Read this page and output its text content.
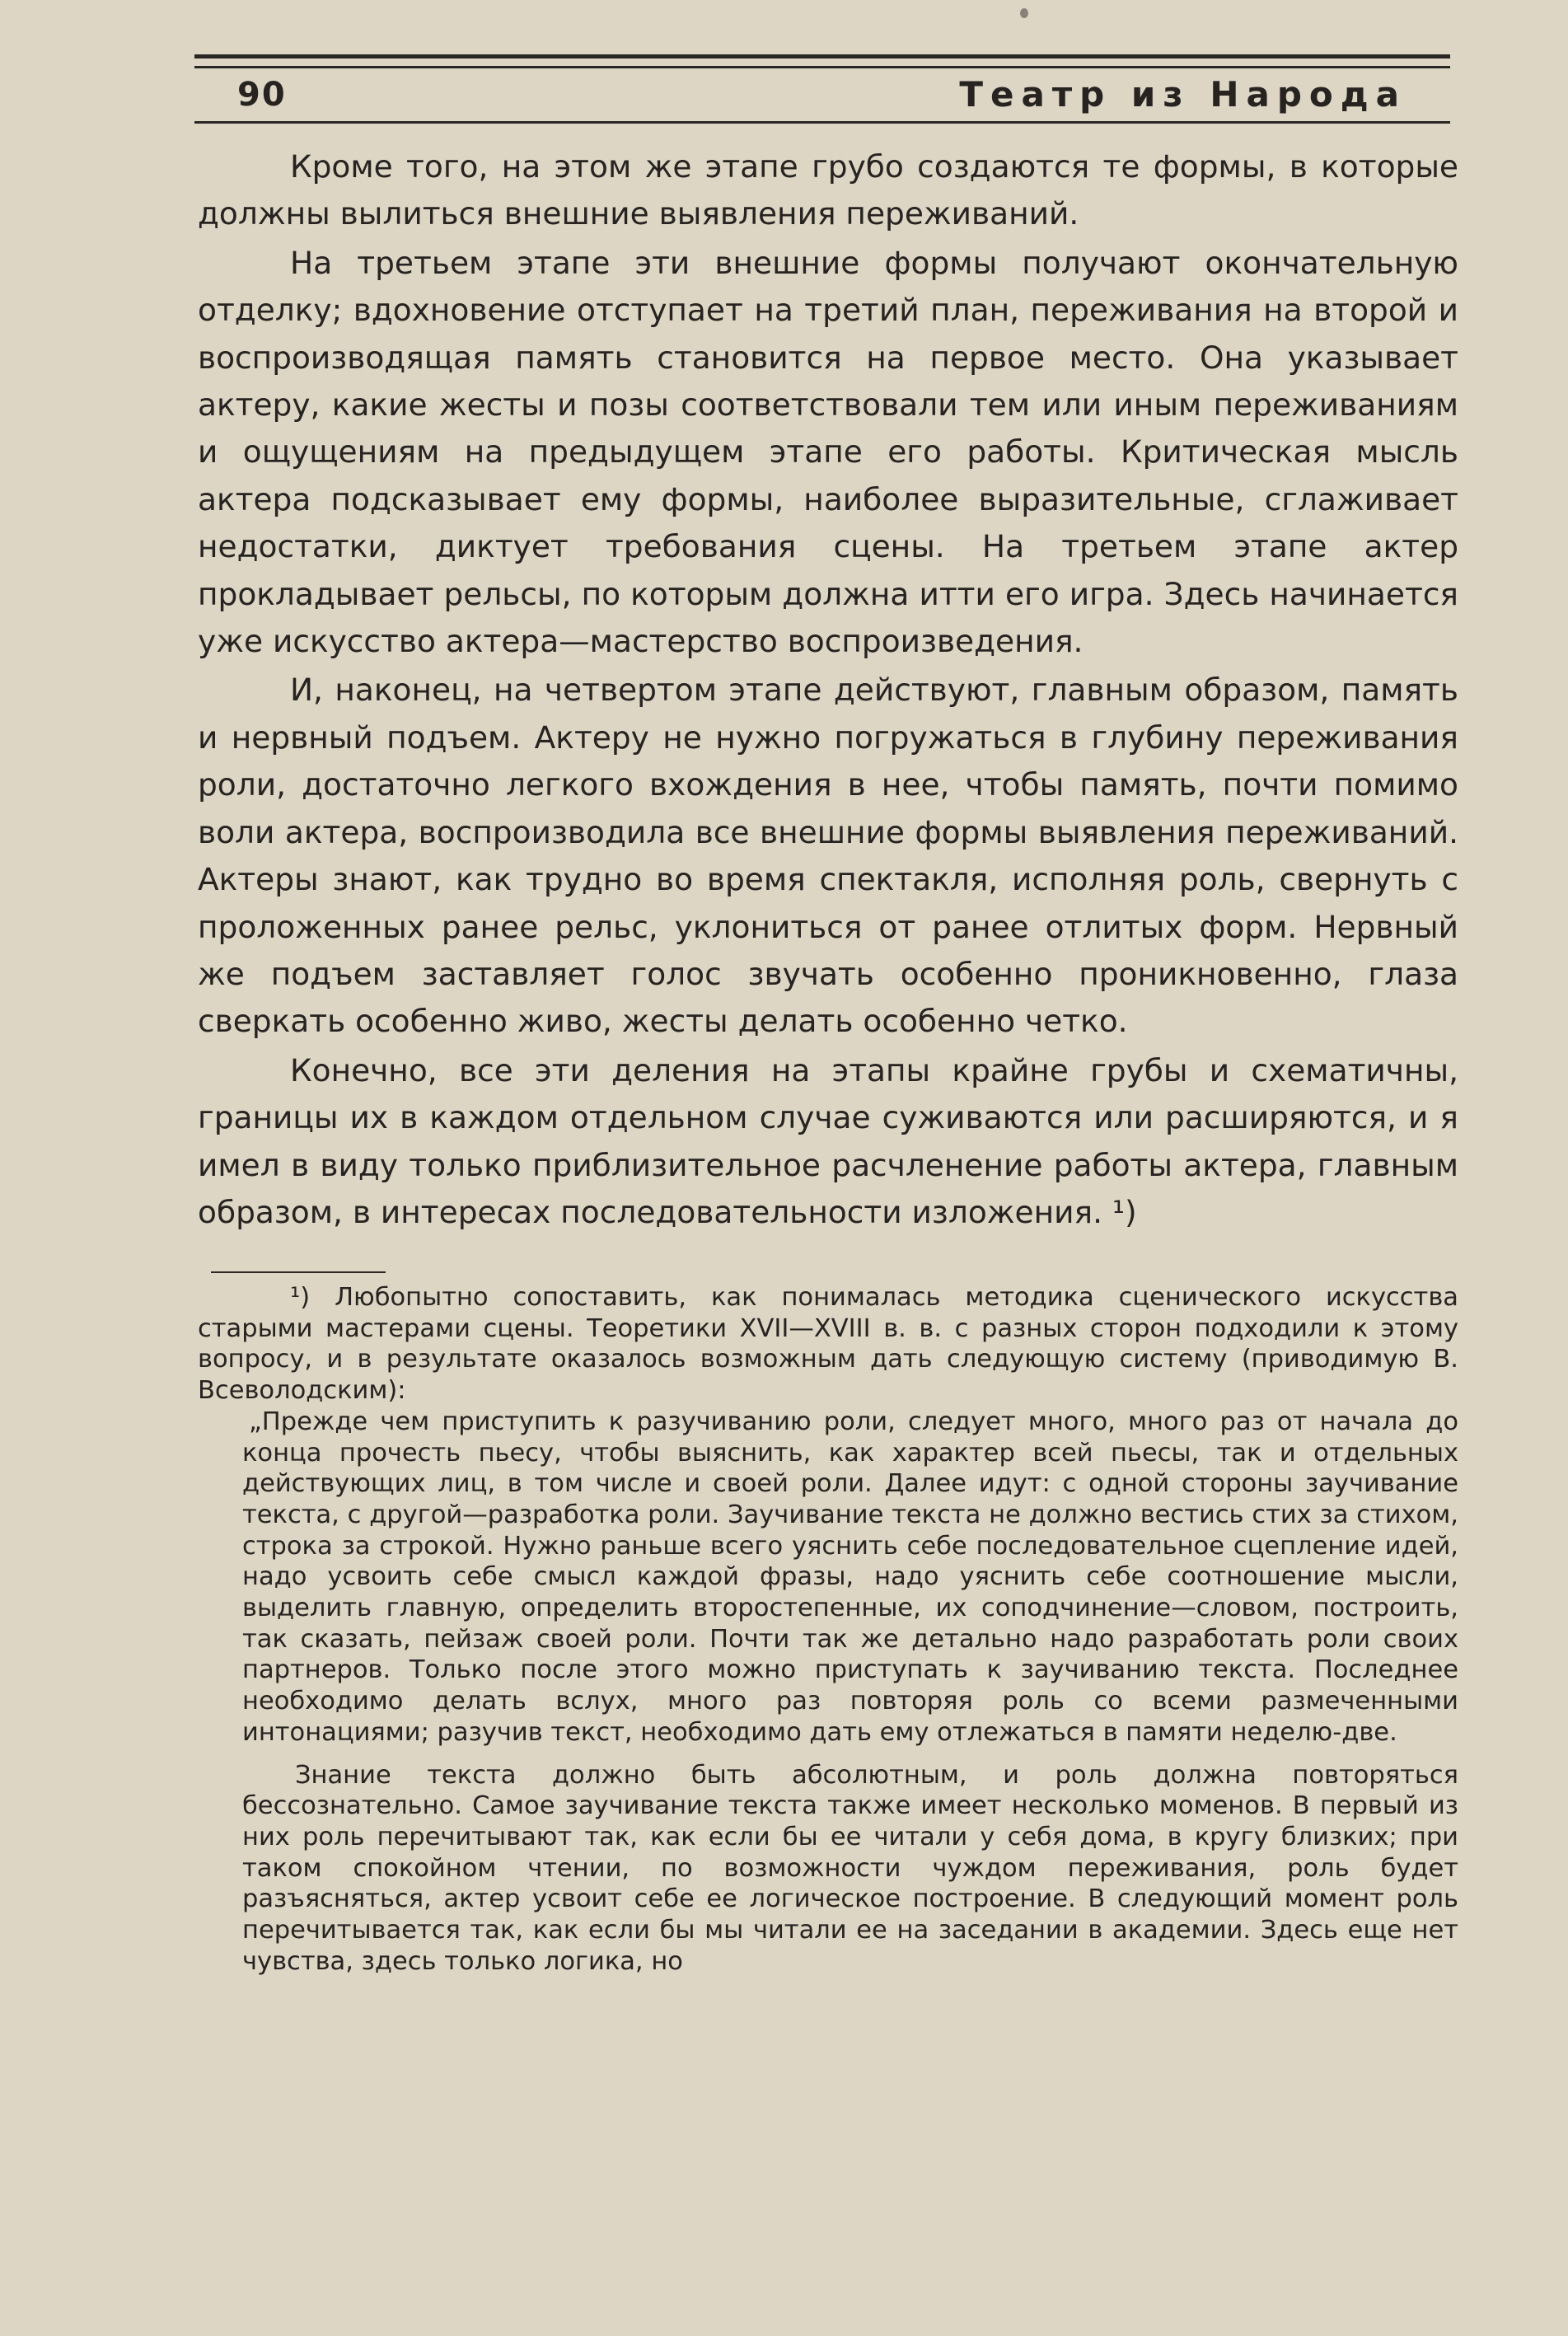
90	Театр из Народа

Кроме того, на этом же этапе грубо создаются те формы, в которые должны вылиться внешние выявления переживаний.

На третьем этапе эти внешние формы получают окончательную отделку; вдохновение отступает на третий план, переживания на второй и воспроизводящая память становится на первое место. Она указывает актеру, какие жесты и позы соответствовали тем или иным переживаниям и ощущениям на предыдущем этапе его работы. Критическая мысль актера подсказывает ему формы, наиболее выразительные, сглаживает недостатки, диктует требования сцены. На третьем этапе актер прокладывает рельсы, по которым должна итти его игра. Здесь начинается уже искусство актера—мастерство воспроизведения.

И, наконец, на четвертом этапе действуют, главным образом, память и нервный подъем. Актеру не нужно погружаться в глубину переживания роли, достаточно легкого вхождения в нее, чтобы память, почти помимо воли актера, воспроизводила все внешние формы выявления переживаний. Актеры знают, как трудно во время спектакля, исполняя роль, свернуть с проложенных ранее рельс, уклониться от ранее отлитых форм. Нервный же подъем заставляет голос звучать особенно проникновенно, глаза сверкать особенно живо, жесты делать особенно четко.

Конечно, все эти деления на этапы крайне грубы и схематичны, границы их в каждом отдельном случае суживаются или расширяются, и я имел в виду только приблизительное расчленение работы актера, главным образом, в интересах последовательности изложения. ¹)

¹) Любопытно сопоставить, как понималась методика сценического искусства старыми мастерами сцены. Теоретики XVII—XVIII в. в. с разных сторон подходили к этому вопросу, и в результате оказалось возможным дать следующую систему (приводимую В. Всеволодским):

„Прежде чем приступить к разучиванию роли, следует много, много раз от начала до конца прочесть пьесу, чтобы выяснить, как характер всей пьесы, так и отдельных действующих лиц, в том числе и своей роли. Далее идут: с одной стороны заучивание текста, с другой—разработка роли. Заучивание текста не должно вестись стих за стихом, строка за строкой. Нужно раньше всего уяснить себе последовательное сцепление идей, надо усвоить себе смысл каждой фразы, надо уяснить себе соотношение мысли, выделить главную, определить второстепенные, их соподчинение—словом, построить, так сказать, пейзаж своей роли. Почти так же детально надо разработать роли своих партнеров. Только после этого можно приступать к заучиванию текста. Последнее необходимо делать вслух, много раз повторяя роль со всеми размеченными интонациями; разучив текст, необходимо дать ему отлежаться в памяти неделю-две.

Знание текста должно быть абсолютным, и роль должна повторяться бессознательно. Самое заучивание текста также имеет несколько моменов. В первый из них роль перечитывают так, как если бы ее читали у себя дома, в кругу близких; при таком спокойном чтении, по возможности чуждом переживания, роль будет разъясняться, актер усвоит себе ее логическое построение. В следующий момент роль перечитывается так, как если бы мы читали ее на заседании в академии. Здесь еще нет чувства, здесь только логика, но
